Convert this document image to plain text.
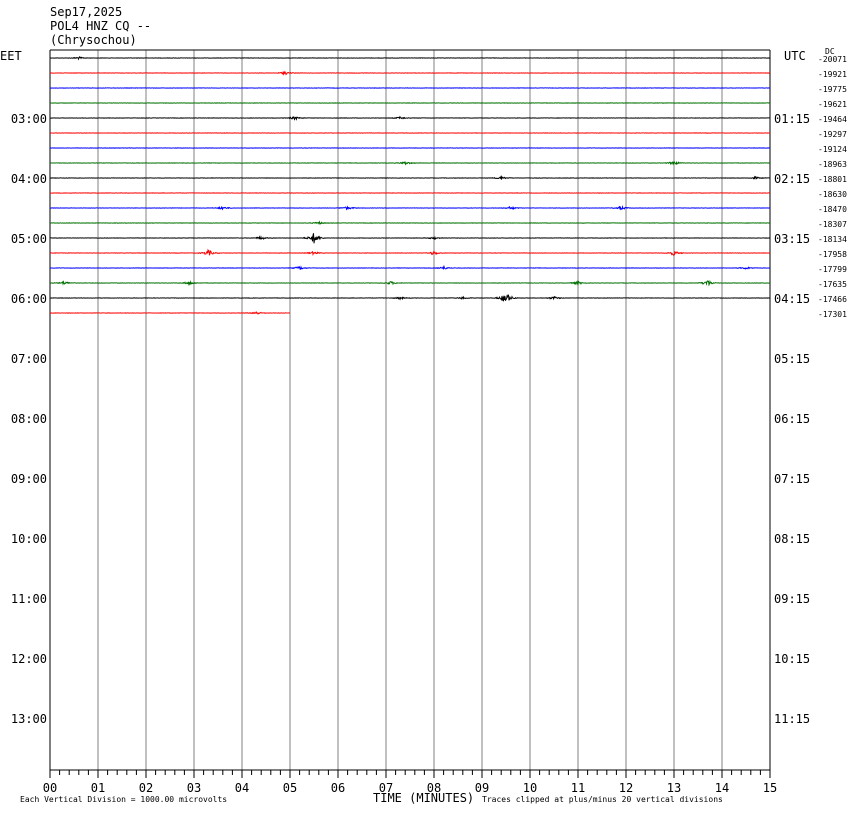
00	01	02	03	04	05	06	07	08	09	10	11	12	13	14	15
03:00
04:00
05:00
06:00
07:00
08:00
09:00
10:00
11:00
12:00
13:00
01:15
02:15
03:15
04:15
05:15
06:15
07:15
08:15
09:15
10:15
11:15
-20071
-19921
-19775
-19621
-19464
-19297
-19124
-18963
-18801
-18630
-18470
-18307
-18134
-17958
-17799
-17635
-17466
-17301
Sep17,2025
POL4 HNZ CQ --
(Chrysochou)
EET	UTC DC
Each Vertical Division = 1000.00 microvolts	TIME (MINUTES) Traces clipped at plus/minus 20 vertical divisions
